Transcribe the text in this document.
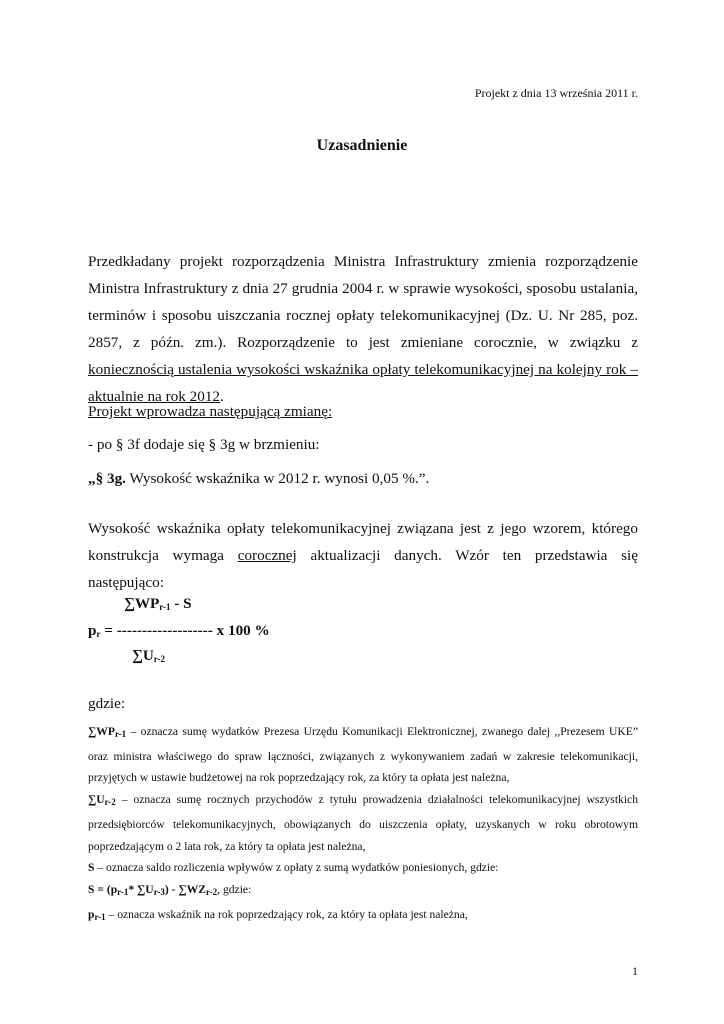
Projekt z dnia 13 września 2011 r.
Uzasadnienie
Przedkładany projekt rozporządzenia Ministra Infrastruktury zmienia rozporządzenie Ministra Infrastruktury z dnia 27 grudnia 2004 r. w sprawie wysokości, sposobu ustalania, terminów i sposobu uiszczania rocznej opłaty telekomunikacyjnej (Dz. U. Nr 285, poz. 2857, z późn. zm.). Rozporządzenie to jest zmieniane corocznie, w związku z koniecznością ustalenia wysokości wskaźnika opłaty telekomunikacyjnej na kolejny rok – aktualnie na rok 2012.
Projekt wprowadza następującą zmianę:
- po § 3f dodaje się § 3g w brzmieniu:
„§ 3g. Wysokość wskaźnika w 2012 r. wynosi 0,05 %.”.
Wysokość wskaźnika opłaty telekomunikacyjnej związana jest z jego wzorem, którego konstrukcja wymaga corocznej aktualizacji danych. Wzór ten przedstawia się następująco:
$\sum WP_{r-1}$ - S
$p_r$ = ------------------- x 100 %
$\sum U_{r-2}$
gdzie:

$\sum WP_{r-1}$ – oznacza sumę wydatków Prezesa Urzędu Komunikacji Elektronicznej, zwanego dalej ,,Prezesem UKE” oraz ministra właściwego do spraw łączności, związanych z wykonywaniem zadań w zakresie telekomunikacji, przyjętych w ustawie budżetowej na rok poprzedzający rok, za który ta opłata jest należna,

$\sum U_{r-2}$ – oznacza sumę rocznych przychodów z tytułu prowadzenia działalności telekomunikacyjnej wszystkich przedsiębiorców telekomunikacyjnych, obowiązanych do uiszczenia opłaty, uzyskanych w roku obrotowym poprzedzającym o 2 lata rok, za który ta opłata jest należna,

S – oznacza saldo rozliczenia wpływów z opłaty z sumą wydatków poniesionych, gdzie:

$S = (p_{r-1}*$ $\sum U_{r-3}) - \sum WZ_{r-2}$, gdzie:

$p_{r-1}$ – oznacza wskaźnik na rok poprzedzający rok, za który ta opłata jest należna,

1
